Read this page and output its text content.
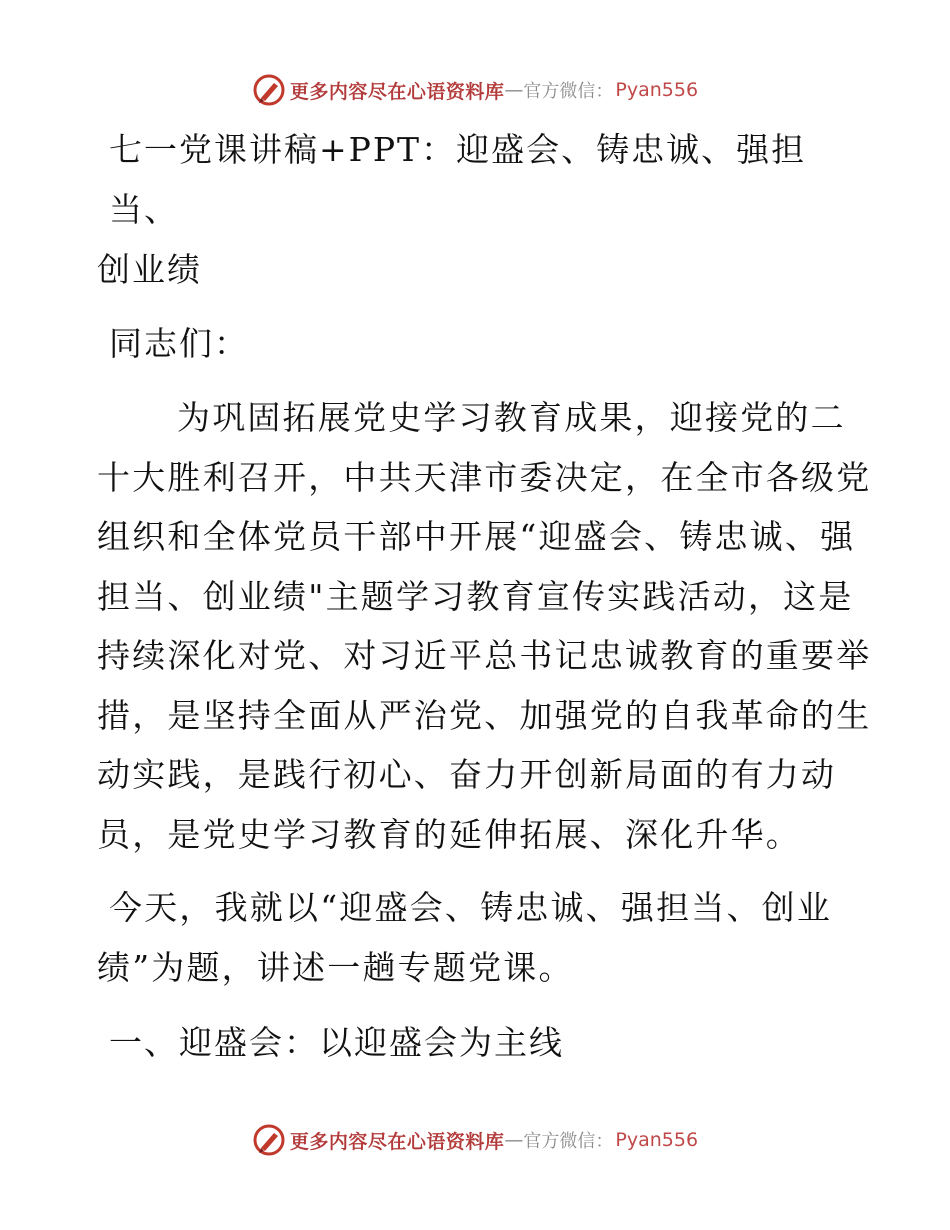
更多内容尽在心语资料库 — 官方微信： Pyan556
七一党课讲稿+PPT：迎盛会、铸忠诚、强担当、
创业绩

同志们：

为巩固拓展党史学习教育成果，迎接党的二
十大胜利召开，中共天津市委决定，在全市各级党
组织和全体党员干部中开展“迎盛会、铸忠诚、强
担当、创业绩"主题学习教育宣传实践活动，这是
持续深化对党、对习近平总书记忠诚教育的重要举
措，是坚持全面从严治党、加强党的自我革命的生
动实践，是践行初心、奋力开创新局面的有力动
员，是党史学习教育的延伸拓展、深化升华。

今天，我就以“迎盛会、铸忠诚、强担当、创业
绩”为题，讲述一趟专题党课。

一、迎盛会：以迎盛会为主线

更多内容尽在心语资料库 — 官方微信： Pyan556
